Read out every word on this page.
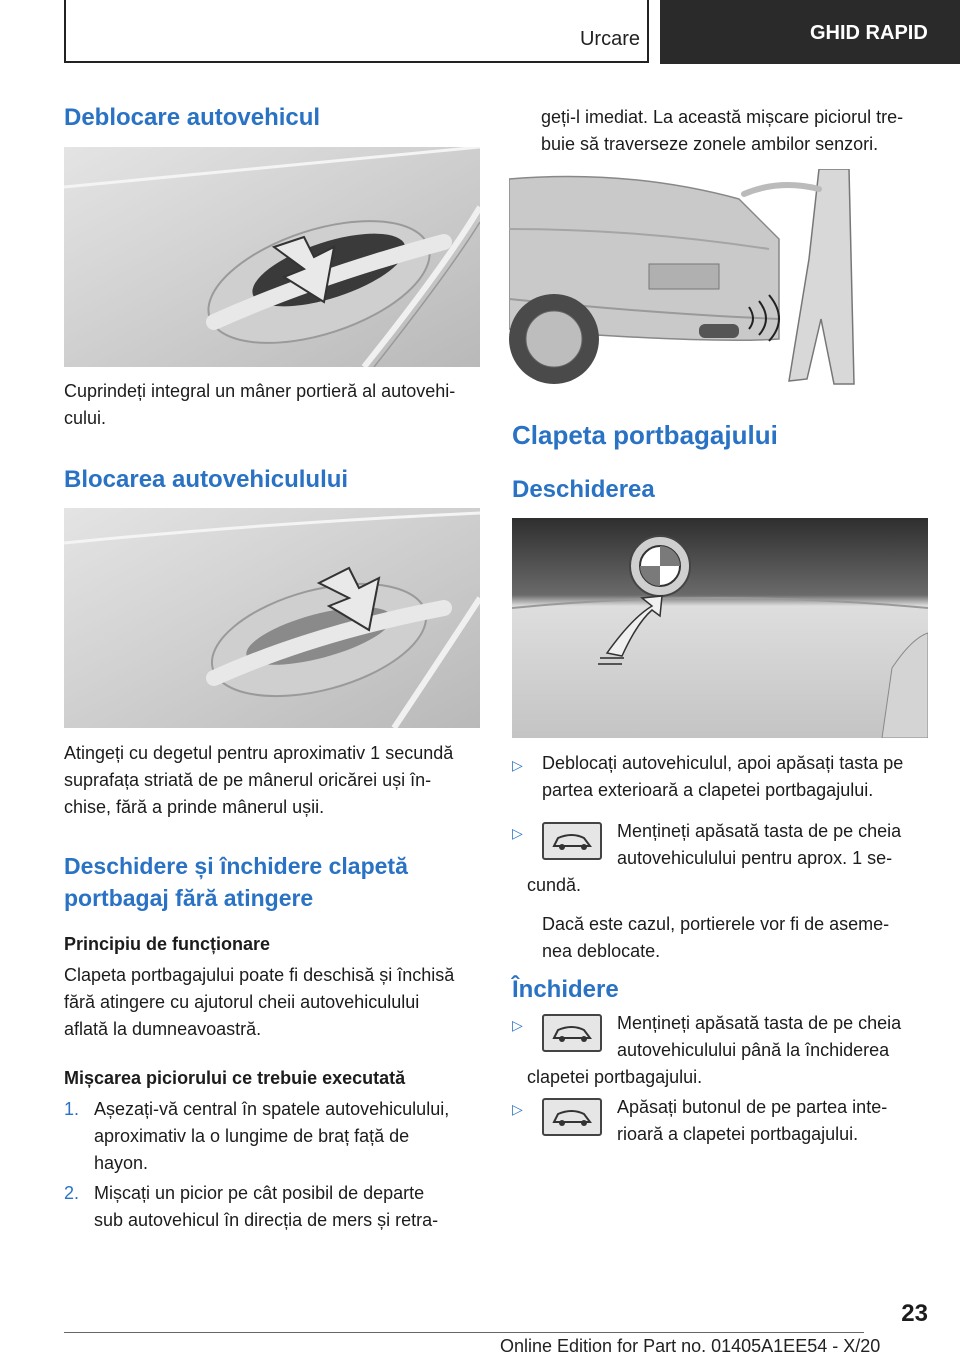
Urcare	GHID RAPID
Deblocare autovehicul

Cuprindeți integral un mâner portieră al autovehi‐
cului.

Blocarea autovehiculului

Atingeți cu degetul pentru aproximativ 1 secundă
suprafața striată de pe mânerul oricărei uși în‐
chise, fără a prinde mânerul ușii.

Deschidere și închidere clapetă
portbagaj fără atingere
Principiu de funcționare

Clapeta portbagajului poate fi deschisă și închisă
fără atingere cu ajutorul cheii autovehiculului
aflată la dumneavoastră.

Mișcarea piciorului ce trebuie executată
1. Așezați-vă central în spatele autovehiculului,
aproximativ la o lungime de braț față de
hayon.
2. Mișcați un picior pe cât posibil de departe
sub autovehicul în direcția de mers și retra‐

geți-l imediat. La această mișcare piciorul tre‐
buie să traverseze zonele ambilor senzori.

Clapeta portbagajului
Deschiderea
▷ Deblocați autovehiculul, apoi apăsați tasta pe
partea exterioară a clapetei portbagajului.
▷	Mențineți apăsată tasta de pe cheia
autovehiculului pentru aprox. 1 se‐
cundă.
Dacă este cazul, portierele vor fi de aseme‐
nea deblocate.
Închidere
▷	Mențineți apăsată tasta de pe cheia
autovehiculului până la închiderea
clapetei portbagajului.
▷	Apăsați butonul de pe partea inte‐
rioară a clapetei portbagajului.
23
Online Edition for Part no. 01405A1EE54 - X/20
